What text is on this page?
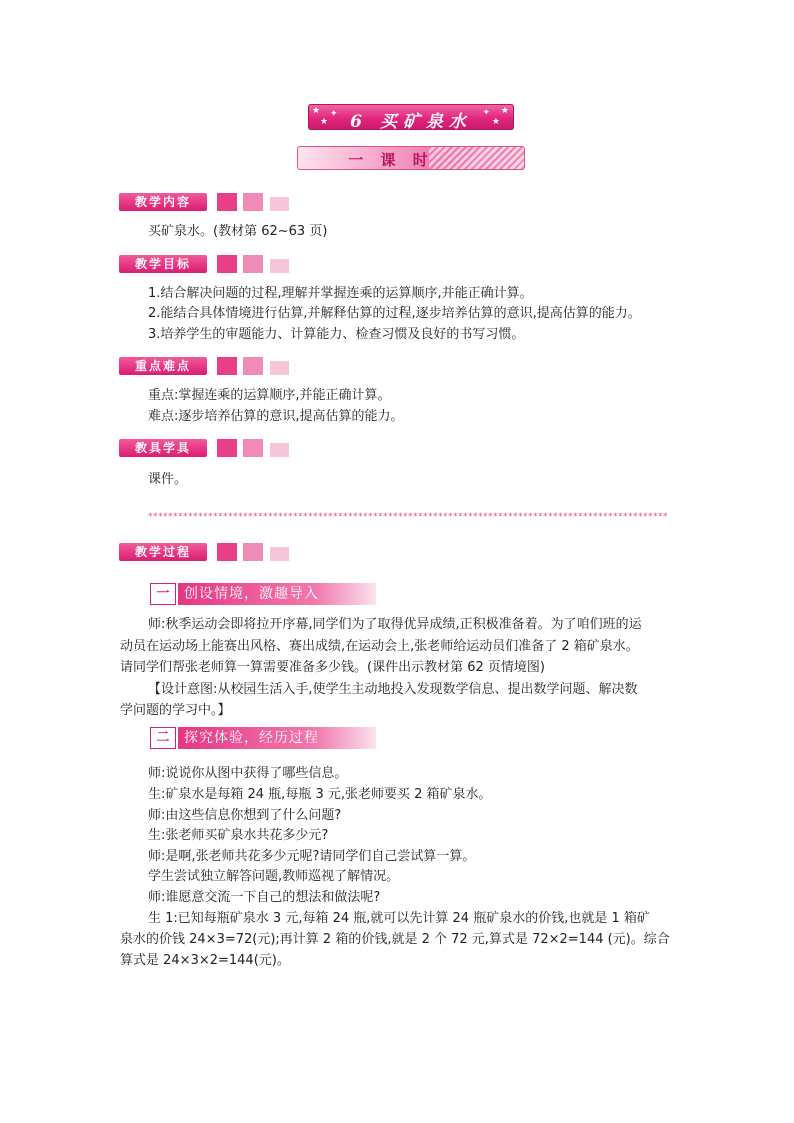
★
★
✦	★
★
✦
6 买矿泉水
一 课 时
教学内容
买矿泉水。(教材第 62~63 页)
教学目标
1.结合解决问题的过程,理解并掌握连乘的运算顺序,并能正确计算。
2.能结合具体情境进行估算,并解释估算的过程,逐步培养估算的意识,提高估算的能力。
3.培养学生的审题能力、计算能力、检查习惯及良好的书写习惯。
重点难点
重点:掌握连乘的运算顺序,并能正确计算。
难点:逐步培养估算的意识,提高估算的能力。
教具学具
课件。
********************************************************************************************************
教学过程
一	创设情境，激趣导入
师:秋季运动会即将拉开序幕,同学们为了取得优异成绩,正积极准备着。为了咱们班的运
动员在运动场上能赛出风格、赛出成绩,在运动会上,张老师给运动员们准备了 2 箱矿泉水。
请同学们帮张老师算一算需要准备多少钱。(课件出示教材第 62 页情境图)
【设计意图:从校园生活入手,使学生主动地投入发现数学信息、提出数学问题、解决数
学问题的学习中。】
二	探究体验，经历过程
师:说说你从图中获得了哪些信息。
生:矿泉水是每箱 24 瓶,每瓶 3 元,张老师要买 2 箱矿泉水。
师:由这些信息你想到了什么问题?
生:张老师买矿泉水共花多少元?
师:是啊,张老师共花多少元呢?请同学们自己尝试算一算。
学生尝试独立解答问题,教师巡视了解情况。
师:谁愿意交流一下自己的想法和做法呢?
生 1:已知每瓶矿泉水 3 元,每箱 24 瓶,就可以先计算 24 瓶矿泉水的价钱,也就是 1 箱矿
泉水的价钱 24×3=72(元);再计算 2 箱的价钱,就是 2 个 72 元,算式是 72×2=144 (元)。综合
算式是 24×3×2=144(元)。
